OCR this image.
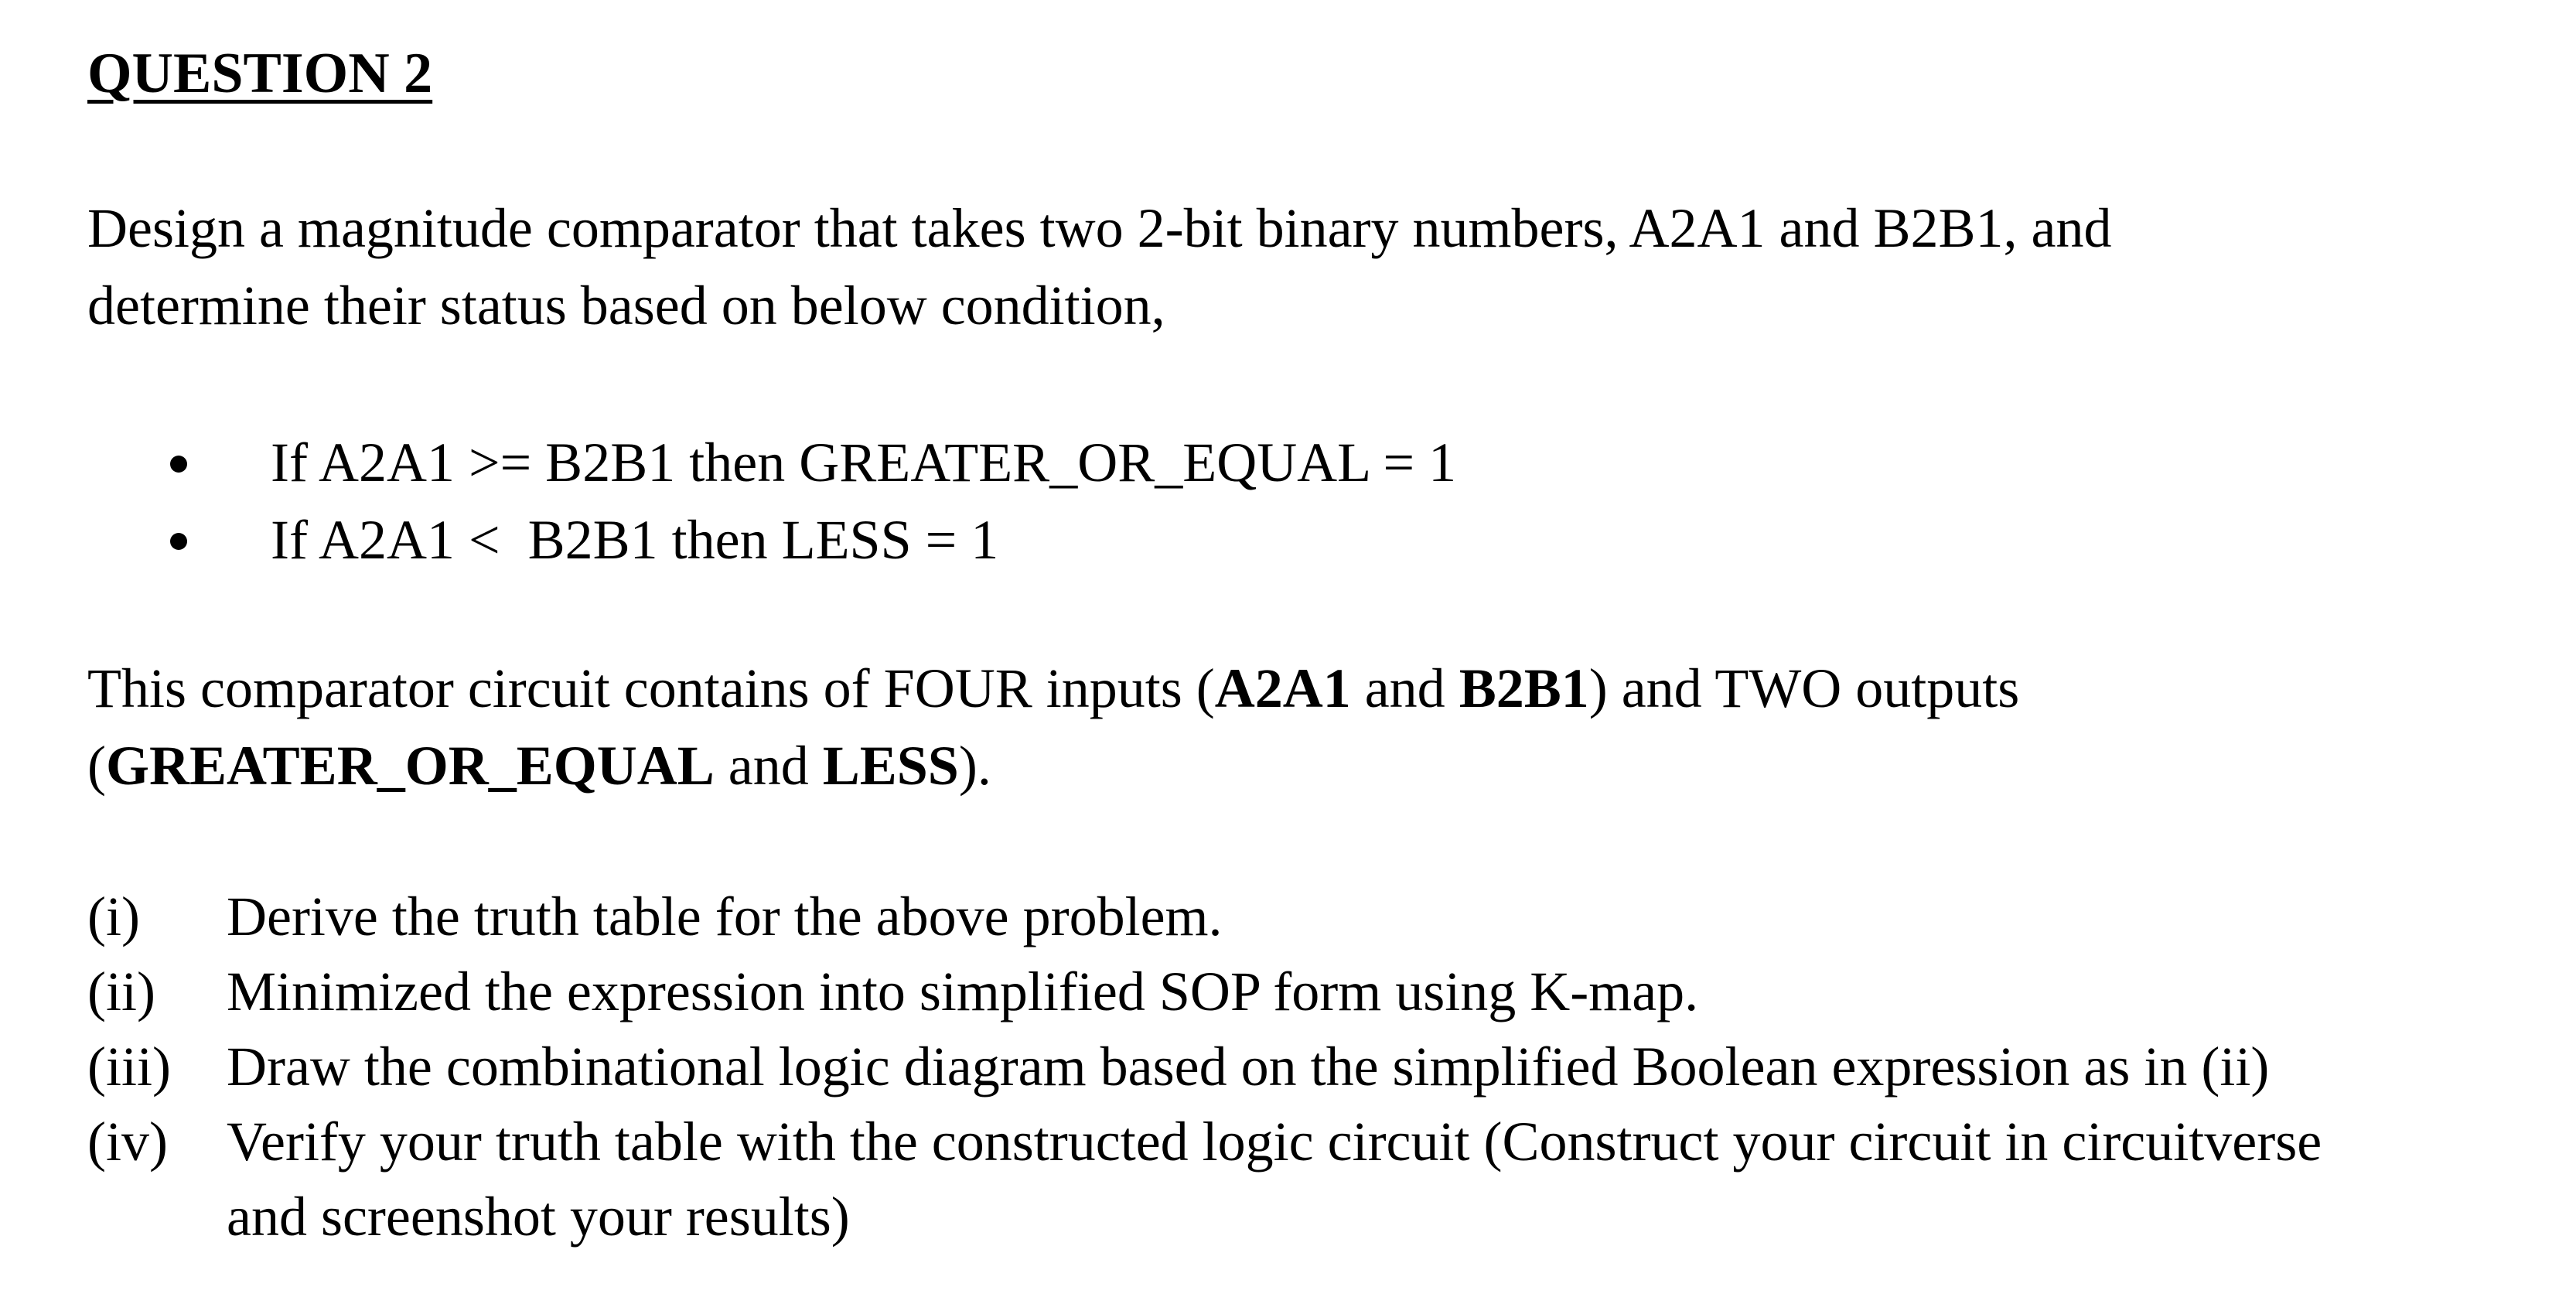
QUESTION 2
Design a magnitude comparator that takes two 2-bit binary numbers, A2A1 and B2B1, and
determine their status based on below condition,
If A2A1 >= B2B1 then GREATER_OR_EQUAL = 1
If A2A1 <  B2B1 then LESS = 1
This comparator circuit contains of FOUR inputs (A2A1 and B2B1) and TWO outputs
(GREATER_OR_EQUAL and LESS).
(i) Derive the truth table for the above problem.
(ii) Minimized the expression into simplified SOP form using K-map.
(iii) Draw the combinational logic diagram based on the simplified Boolean expression as in (ii)
(iv) Verify your truth table with the constructed logic circuit (Construct your circuit in circuitverse
and screenshot your results)
